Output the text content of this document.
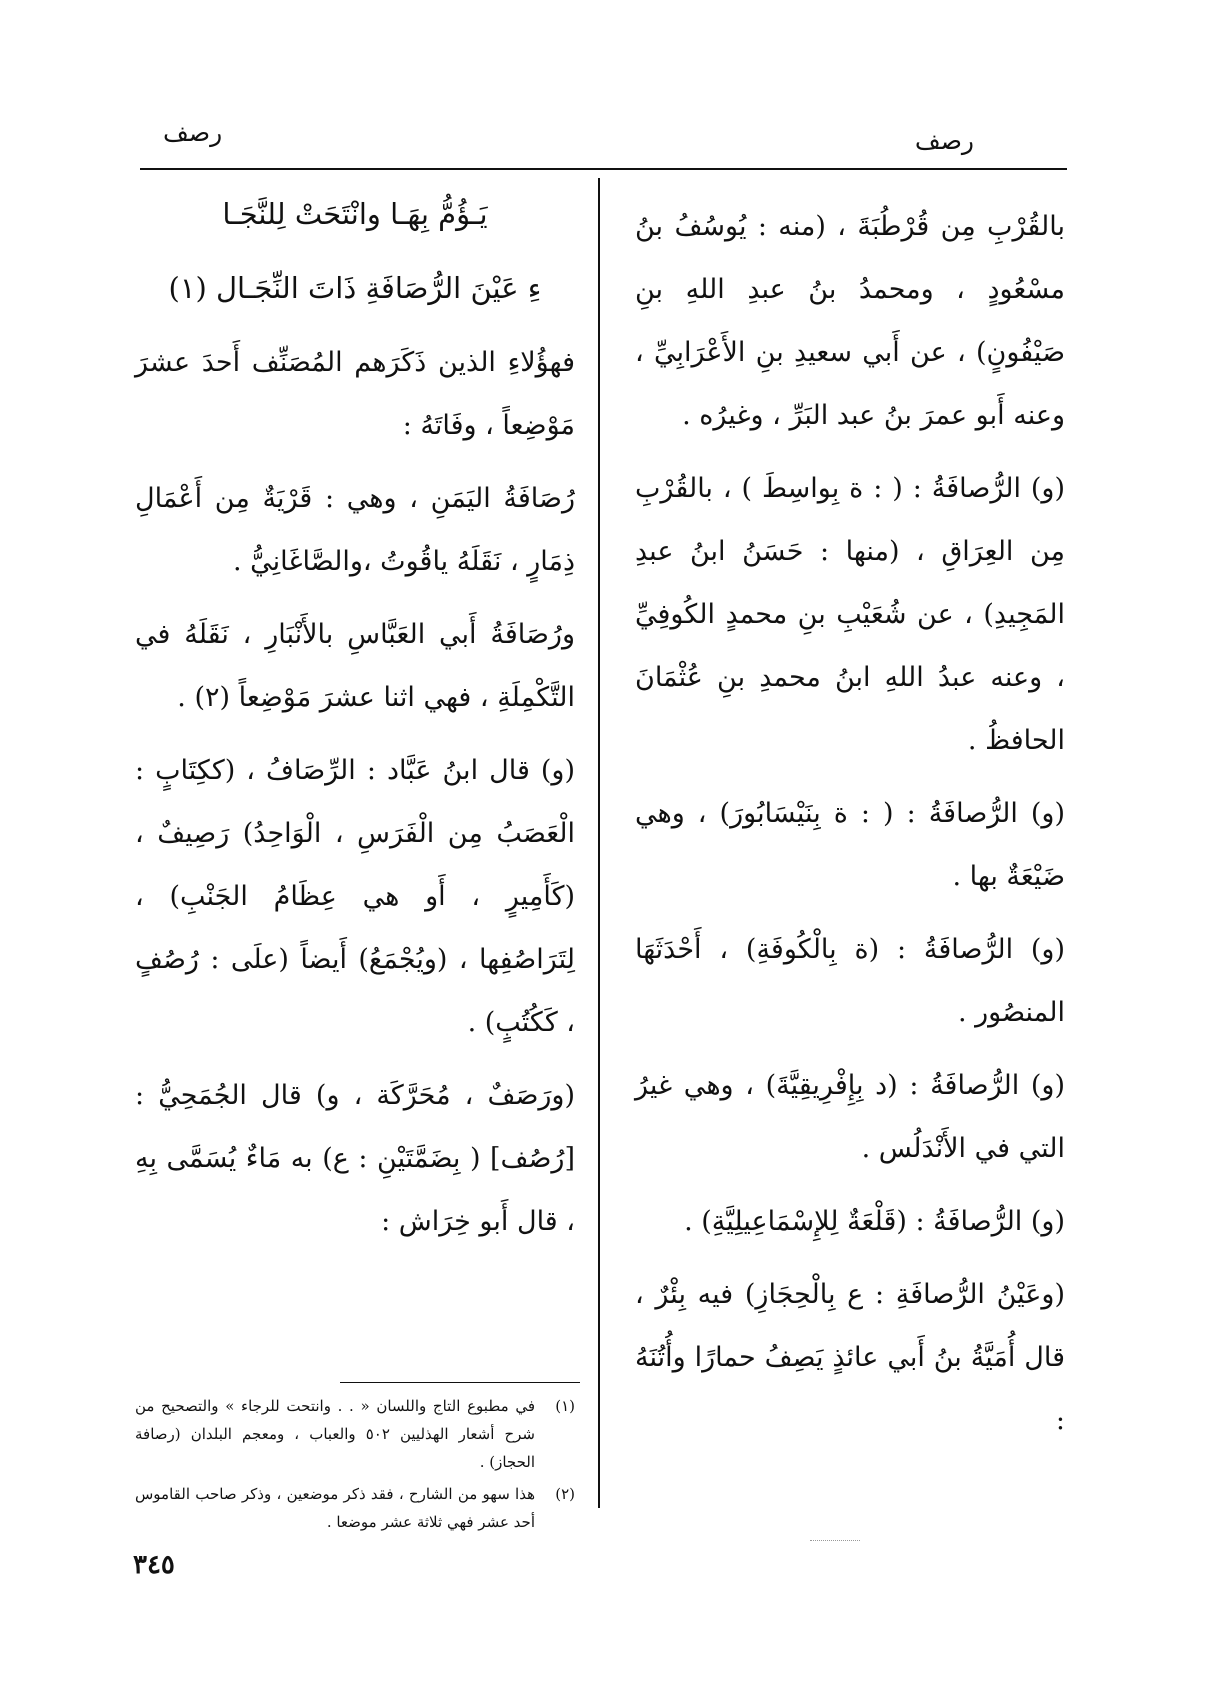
رصف
رصف

بالقُرْبِ مِن قُرْطُبَةَ ، (منه : يُوسُفُ بنُ مسْعُودٍ ، ومحمدُ بنُ عبدِ اللهِ بنِ صَيْفُونٍ) ، عن أَبي سعيدِ بنِ الأَعْرَابِيِّ ، وعنه أَبو عمرَ بنُ عبد البَرِّ ، وغيرُه .

(و) الرُّصافَةُ : ( : ة بِواسِطَ ) ، بالقُرْبِ مِن العِرَاقِ ، (منها : حَسَنُ ابنُ عبدِ المَجِيدِ) ، عن شُعَيْبِ بنِ محمدٍ الكُوفِيِّ ، وعنه عبدُ اللهِ ابنُ محمدِ بنِ عُثْمَانَ الحافظُ .

(و) الرُّصافَةُ : ( : ة بِنَيْسَابُورَ) ، وهي ضَيْعَةٌ بها .

(و) الرُّصافَةُ : (ة بِالْكُوفَةِ) ، أَحْدَثَهَا المنصُور .

(و) الرُّصافَةُ : (د بِإِفْرِيقِيَّةَ) ، وهي غيرُ التي في الأَنْدَلُس .

(و) الرُّصافَةُ : (قَلْعَةٌ لِلإِسْمَاعِيلِيَّةِ) .

(وعَيْنُ الرُّصافَةِ : ع بِالْحِجَازِ) فيه بِئْرٌ ، قال أُمَيَّةُ بنُ أَبي عائذٍ يَصِفُ حمارًا وأُتُنَهُ :

يَـؤُمُّ بِهَـا وانْتَحَتْ لِلنَّجَـا
ءِ عَيْنَ الرُّصَافَةِ ذَاتَ النِّجَـال (١)

فهؤُلاءِ الذين ذَكَرَهم المُصَنِّف أَحدَ عشرَ مَوْضِعاً ، وفَاتَهُ :

رُصَافَةُ اليَمَنِ ، وهي : قَرْيَةٌ مِن أَعْمَالِ ذِمَارٍ ، نَقَلَهُ ياقُوتُ ،والصَّاغَانِيُّ .

ورُصَافَةُ أَبي العَبَّاسِ بالأَنْبَارِ ، نَقَلَهُ في التَّكْمِلَةِ ، فهي اثنا عشرَ مَوْضِعاً (٢) .

(و) قال ابنُ عَبَّاد : الرِّصَافُ ، (ككِتَابٍ : الْعَصَبُ مِن الْفَرَسِ ، الْوَاحِدُ) رَصِيفٌ ، (كَأَمِيرٍ ، أَو هي عِظَامُ الجَنْبِ) ، لِتَرَاصُفِها ، (ويُجْمَعُ) أَيضاً (علَى : رُصُفٍ ، كَكُتُبٍ) .

(ورَصَفٌ ، مُحَرَّكَة ، و) قال الجُمَحِيُّ : [رُصُف] ( بِضَمَّتَيْنِ : ع) به مَاءٌ يُسَمَّى بِهِ ، قال أَبو خِرَاش :

(١)
في مطبوع التاج واللسان « . . وانتحت للرجاء » والتصحيح من شرح أشعار الهذليين ٥٠٢ والعباب ، ومعجم البلدان (رصافة الحجاز) .
(٢)
هذا سهو من الشارح ، فقد ذكر موضعين ، وذكر صاحب القاموس أحد عشر فهي ثلاثة عشر موضعا .
٣٤٥
